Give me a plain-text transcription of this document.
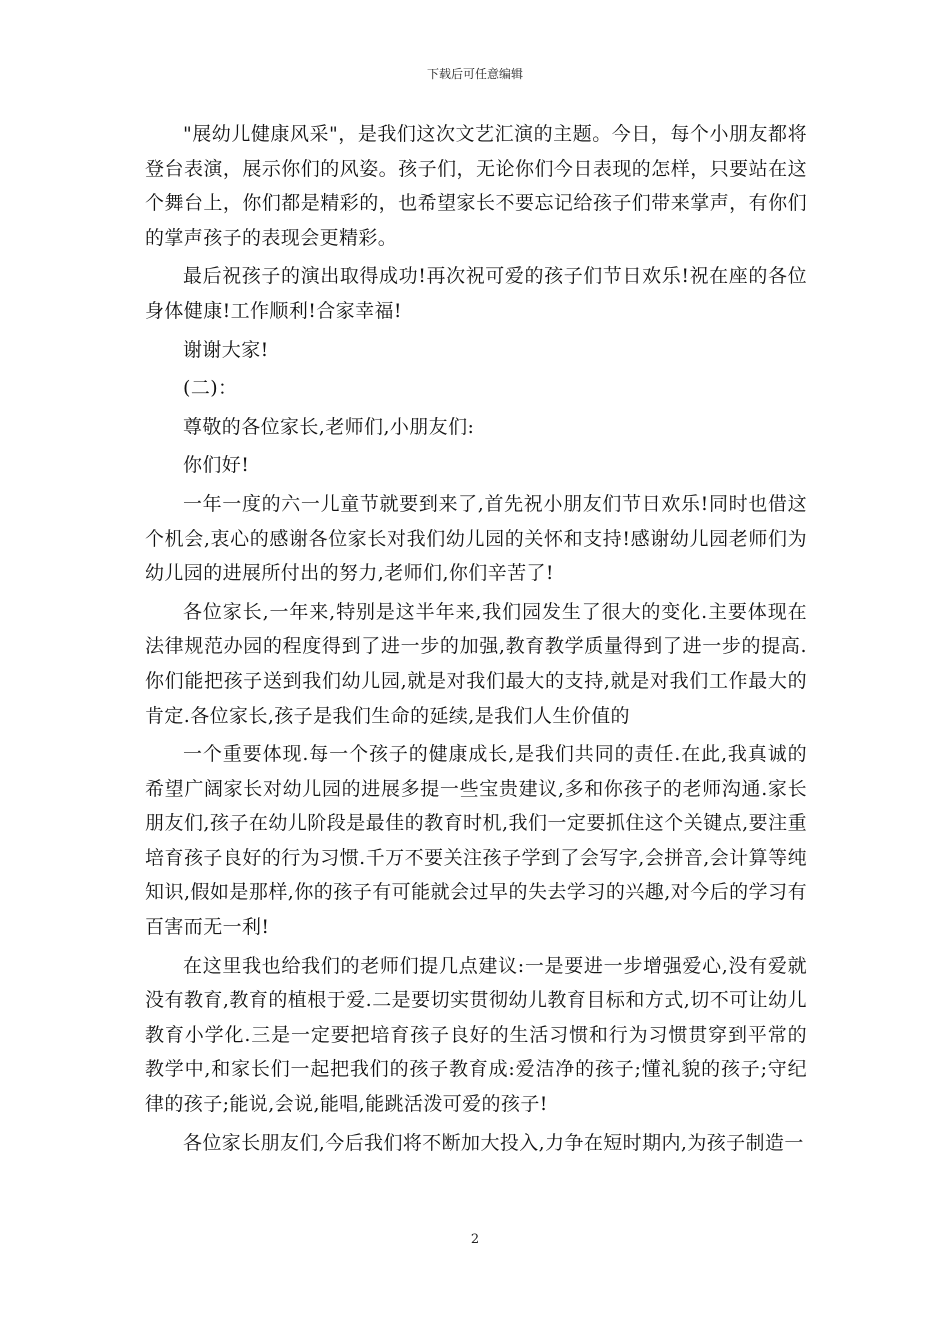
下载后可任意编辑

"展幼儿健康风采"，是我们这次文艺汇演的主题。今日，每个小朋友都将登台表演，展示你们的风姿。孩子们，无论你们今日表现的怎样，只要站在这个舞台上，你们都是精彩的，也希望家长不要忘记给孩子们带来掌声，有你们的掌声孩子的表现会更精彩。

最后祝孩子的演出取得成功!再次祝可爱的孩子们节日欢乐!祝在座的各位身体健康!工作顺利!合家幸福!

谢谢大家!

(二)：

尊敬的各位家长,老师们,小朋友们:

你们好!

一年一度的六一儿童节就要到来了,首先祝小朋友们节日欢乐!同时也借这个机会,衷心的感谢各位家长对我们幼儿园的关怀和支持!感谢幼儿园老师们为幼儿园的进展所付出的努力,老师们,你们辛苦了!

各位家长,一年来,特别是这半年来,我们园发生了很大的变化.主要体现在法律规范办园的程度得到了进一步的加强,教育教学质量得到了进一步的提高.你们能把孩子送到我们幼儿园,就是对我们最大的支持,就是对我们工作最大的肯定.各位家长,孩子是我们生命的延续,是我们人生价值的

一个重要体现.每一个孩子的健康成长,是我们共同的责任.在此,我真诚的希望广阔家长对幼儿园的进展多提一些宝贵建议,多和你孩子的老师沟通.家长朋友们,孩子在幼儿阶段是最佳的教育时机,我们一定要抓住这个关键点,要注重培育孩子良好的行为习惯.千万不要关注孩子学到了会写字,会拼音,会计算等纯知识,假如是那样,你的孩子有可能就会过早的失去学习的兴趣,对今后的学习有百害而无一利!

在这里我也给我们的老师们提几点建议:一是要进一步增强爱心,没有爱就没有教育,教育的植根于爱.二是要切实贯彻幼儿教育目标和方式,切不可让幼儿教育小学化.三是一定要把培育孩子良好的生活习惯和行为习惯贯穿到平常的教学中,和家长们一起把我们的孩子教育成:爱洁净的孩子;懂礼貌的孩子;守纪律的孩子;能说,会说,能唱,能跳活泼可爱的孩子!

各位家长朋友们,今后我们将不断加大投入,力争在短时期内,为孩子制造一

2
